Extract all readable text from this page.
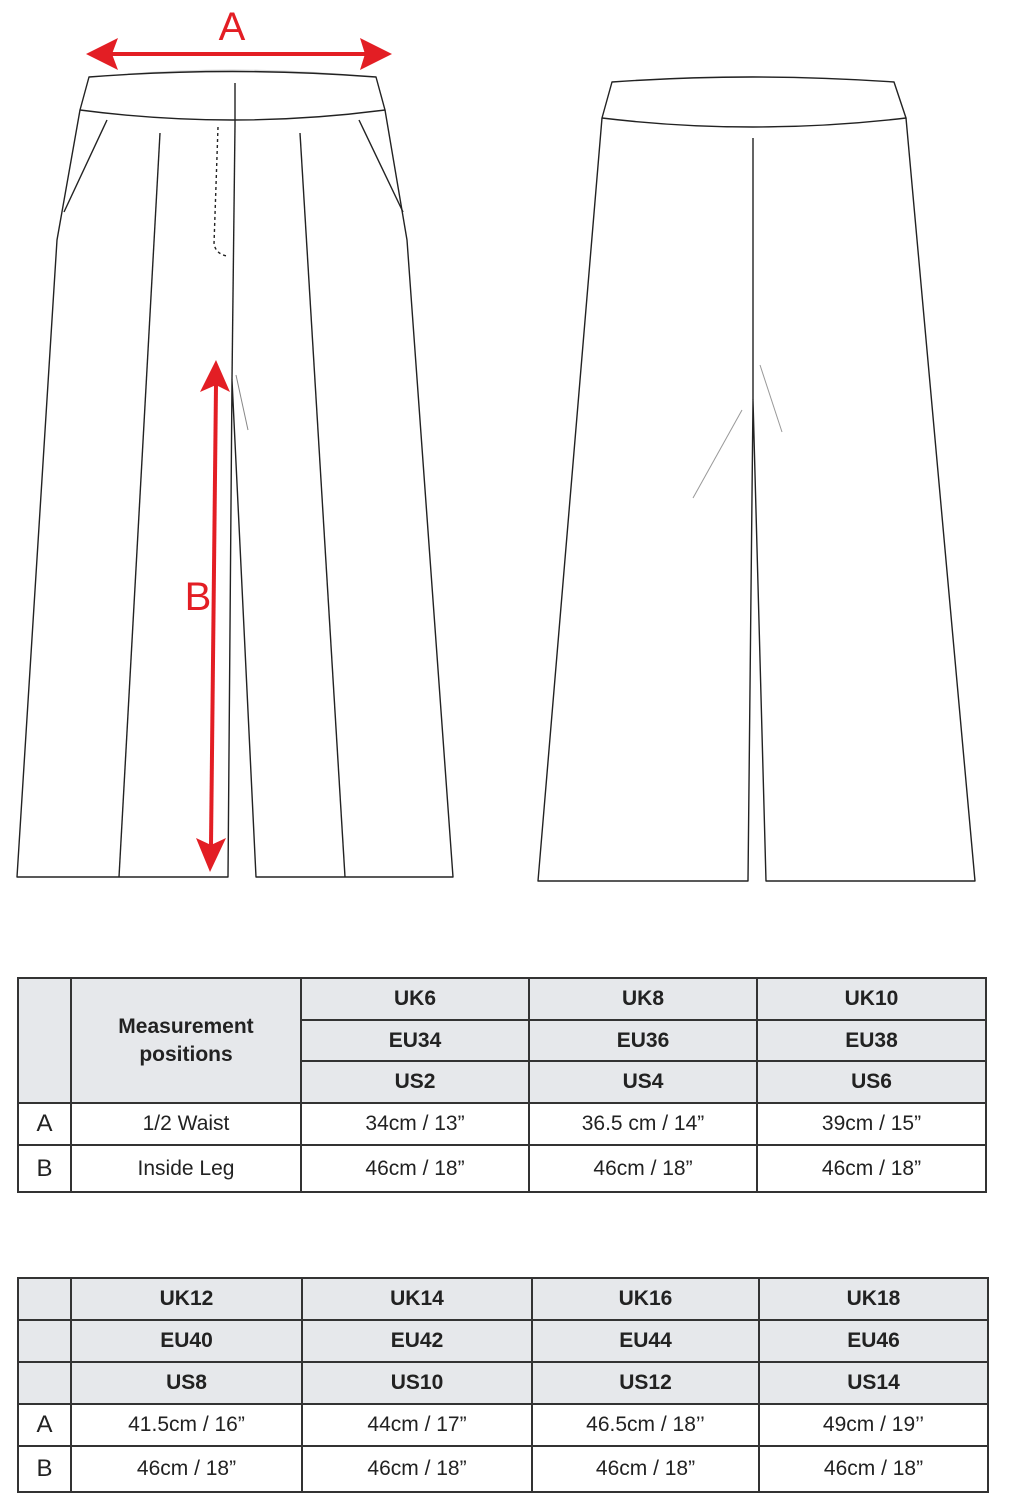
A
B
	Measurement positions	UK6	UK8	UK10
		EU34	EU36	EU38
		US2	US4	US6
A	1/2 Waist	34cm / 13”	36.5 cm / 14”	39cm / 15”
B	Inside Leg	46cm / 18”	46cm / 18”	46cm / 18”
	UK12	UK14	UK16	UK18
	EU40	EU42	EU44	EU46
	US8	US10	US12	US14
A	41.5cm / 16”	44cm / 17”	46.5cm / 18’’	49cm / 19’’
B	46cm / 18”	46cm / 18”	46cm / 18”	46cm / 18”
